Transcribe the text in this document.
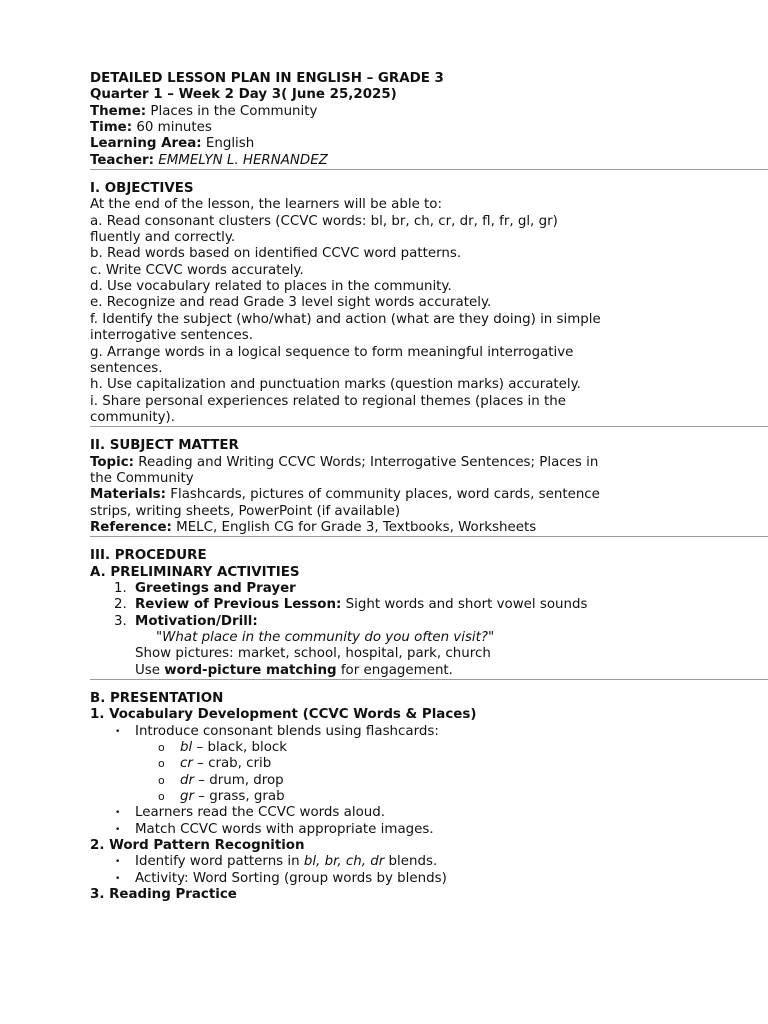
DETAILED LESSON PLAN IN ENGLISH – GRADE 3
Quarter 1 – Week 2 Day 3( June 25,2025)
Theme: Places in the Community
Time: 60 minutes
Learning Area: English
Teacher: EMMELYN L. HERNANDEZ
I. OBJECTIVES
At the end of the lesson, the learners will be able to:
a. Read consonant clusters (CCVC words: bl, br, ch, cr, dr, fl, fr, gl, gr)
fluently and correctly.
b. Read words based on identified CCVC word patterns.
c. Write CCVC words accurately.
d. Use vocabulary related to places in the community.
e. Recognize and read Grade 3 level sight words accurately.
f. Identify the subject (who/what) and action (what are they doing) in simple
interrogative sentences.
g. Arrange words in a logical sequence to form meaningful interrogative
sentences.
h. Use capitalization and punctuation marks (question marks) accurately.
i. Share personal experiences related to regional themes (places in the
community).
II. SUBJECT MATTER
Topic: Reading and Writing CCVC Words; Interrogative Sentences; Places in
the Community
Materials: Flashcards, pictures of community places, word cards, sentence
strips, writing sheets, PowerPoint (if available)
Reference: MELC, English CG for Grade 3, Textbooks, Worksheets
III. PROCEDURE
A. PRELIMINARY ACTIVITIES
1. Greetings and Prayer
2. Review of Previous Lesson: Sight words and short vowel sounds
3. Motivation/Drill:
"What place in the community do you often visit?"
Show pictures: market, school, hospital, park, church
Use word-picture matching for engagement.
B. PRESENTATION
1. Vocabulary Development (CCVC Words & Places)
• Introduce consonant blends using flashcards:
o bl – black, block
o cr – crab, crib
o dr – drum, drop
o gr – grass, grab
• Learners read the CCVC words aloud.
• Match CCVC words with appropriate images.
2. Word Pattern Recognition
• Identify word patterns in bl, br, ch, dr blends.
• Activity: Word Sorting (group words by blends)
3. Reading Practice
